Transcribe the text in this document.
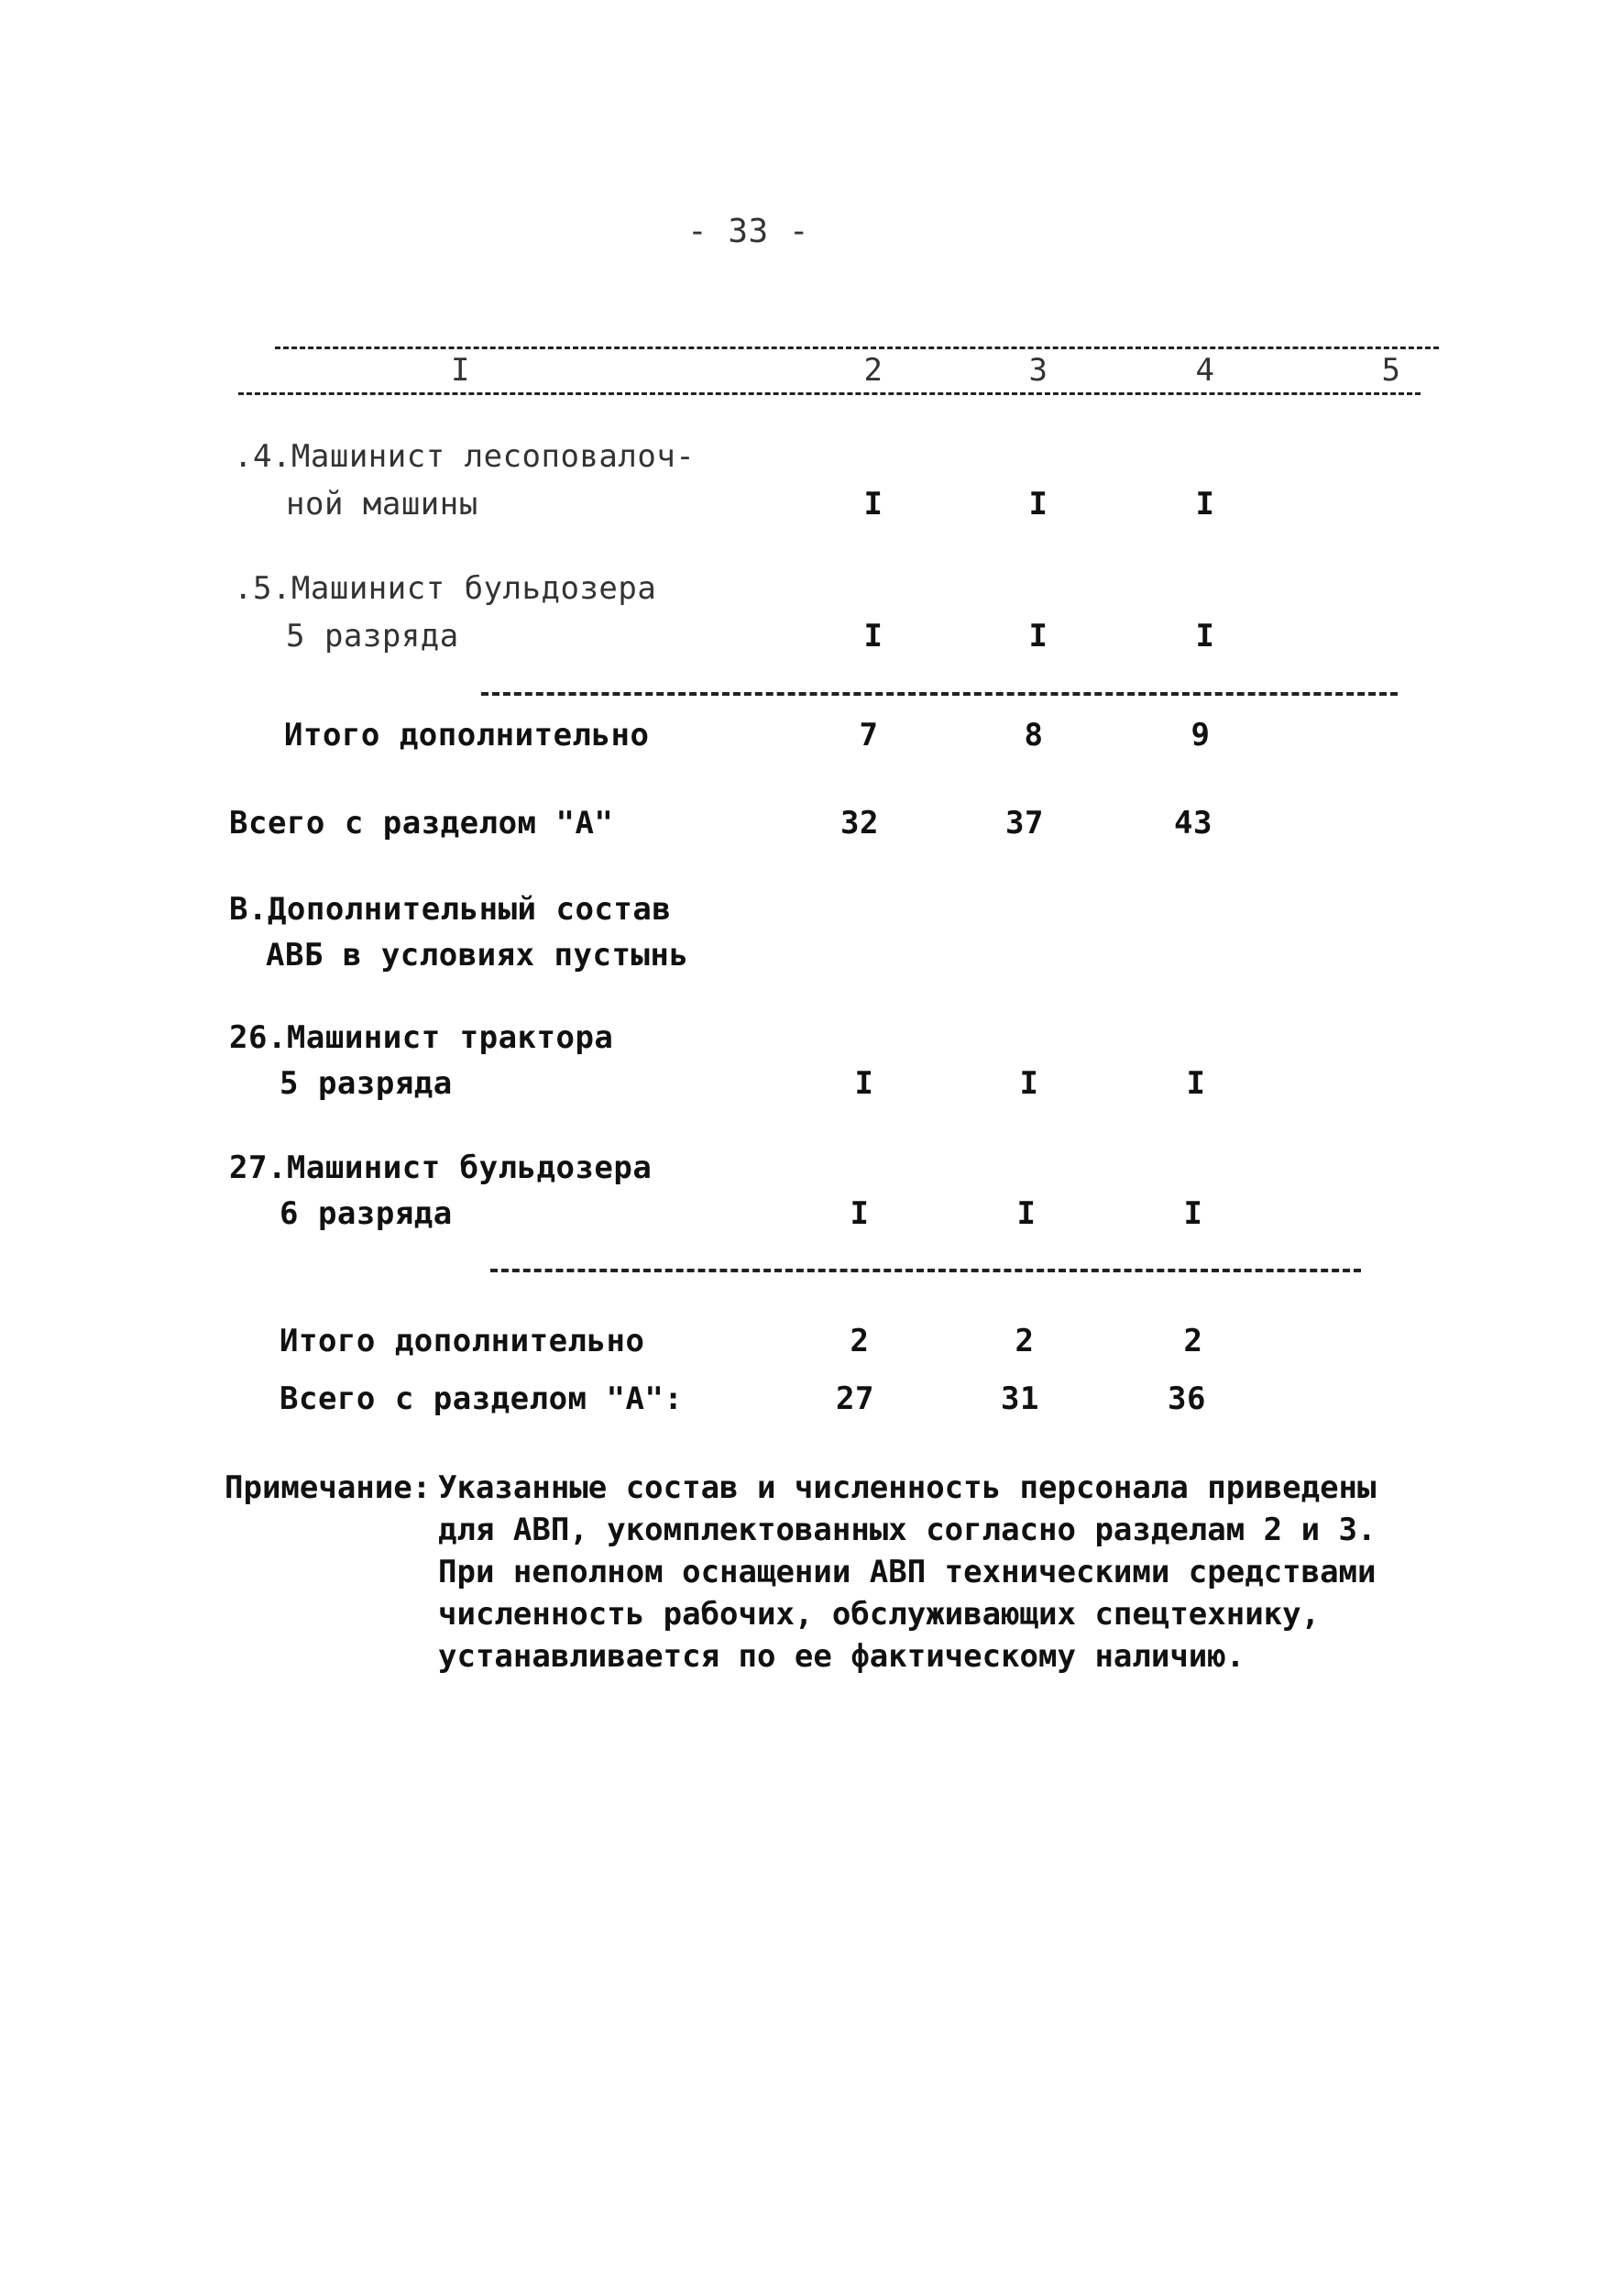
- 33 -
I	2	3	4	5
.4.Машинист лесоповалоч-
ной машины	I	I	I
.5.Машинист бульдозера
5 разряда	I	I	I
Итого дополнительно	7	8	9
Всего с разделом "А"	32	37	43
В.Дополнительный состав
АВБ в условиях пустынь
26.Машинист трактора
5 разряда	I	I	I
27.Машинист бульдозера
6 разряда	I	I	I
Итого дополнительно	2	2	2
Всего с разделом "А":	27	31	36
Примечание: Указанные состав и численность персонала приведены
для АВП, укомплектованных согласно разделам 2 и 3.
При неполном оснащении АВП техническими средствами
численность рабочих, обслуживающих спецтехнику,
устанавливается по ее фактическому наличию.
